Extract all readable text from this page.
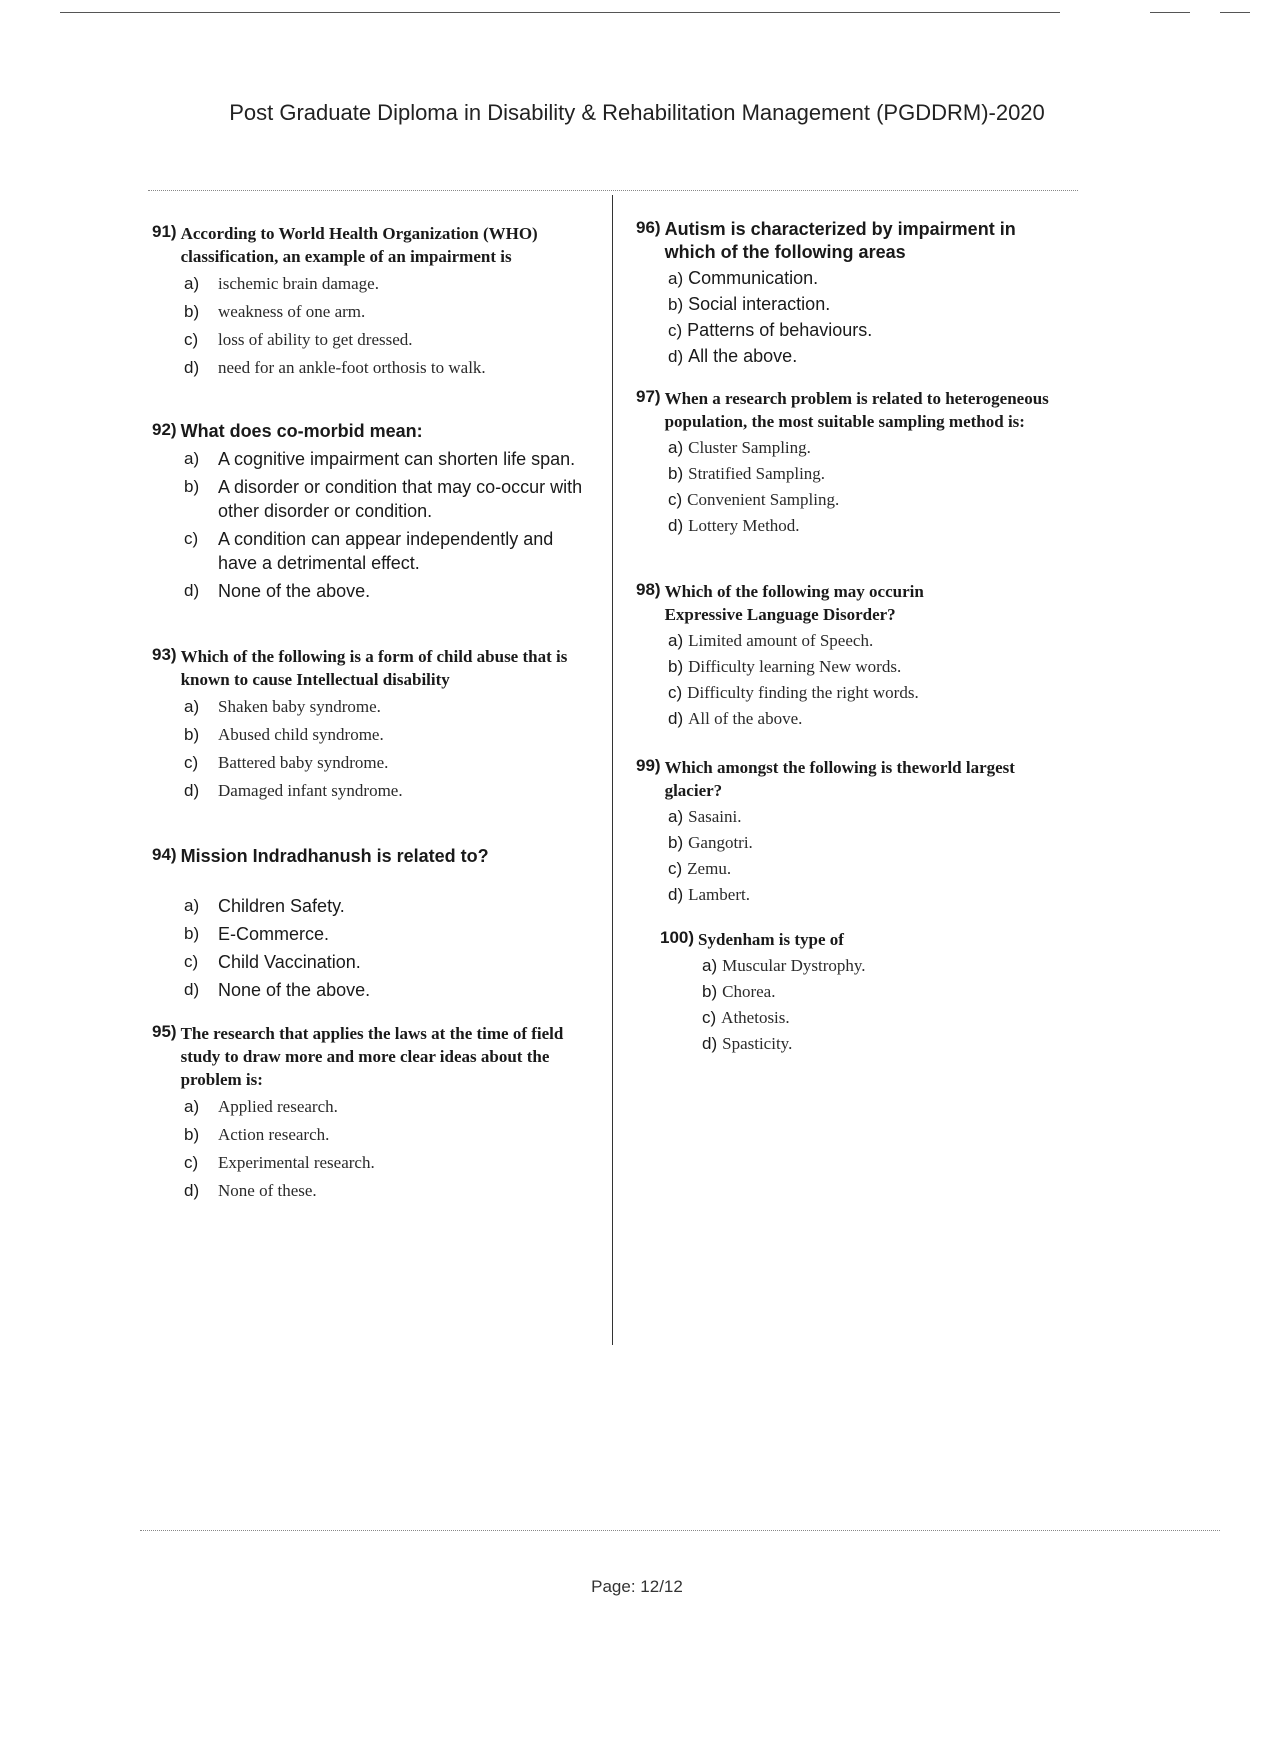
Post Graduate Diploma in Disability & Rehabilitation Management (PGDDRM)-2020
91) According to World Health Organization (WHO) classification, an example of an impairment is
a)	ischemic brain damage.
b)	weakness of one arm.
c)	loss of ability to get dressed.
d)	need for an ankle-foot orthosis to walk.
92) What does co-morbid mean:
a)	A cognitive impairment can shorten life span.
b)	A disorder or condition that may co-occur with other disorder or condition.
c)	A condition can appear independently and have a detrimental effect.
d)	None of the above.
93) Which of the following is a form of child abuse that is known to cause Intellectual disability
a)	Shaken baby syndrome.
b)	Abused child syndrome.
c)	Battered baby syndrome.
d)	Damaged infant syndrome.
94) Mission Indradhanush is related to?
a)	Children Safety.
b)	E-Commerce.
c)	Child Vaccination.
d)	None of the above.
95) The research that applies the laws at the time of field study to draw more and more clear ideas about the problem is:
a)	Applied research.
b)	Action research.
c)	Experimental research.
d)	None of these.
96) Autism is characterized by impairment in which of the following areas
a) Communication.
b) Social interaction.
c) Patterns of behaviours.
d) All the above.
97) When a research problem is related to heterogeneous population, the most suitable sampling method is:
a) Cluster Sampling.
b) Stratified Sampling.
c) Convenient Sampling.
d) Lottery Method.
98) Which of the following may occurin Expressive Language Disorder?
a) Limited amount of Speech.
b) Difficulty learning New words.
c) Difficulty finding the right words.
d) All of the above.
99) Which amongst the following is theworld largest glacier?
a) Sasaini.
b) Gangotri.
c) Zemu.
d) Lambert.
100) Sydenham is type of
a) Muscular Dystrophy.
b) Chorea.
c) Athetosis.
d) Spasticity.
Page: 12/12
